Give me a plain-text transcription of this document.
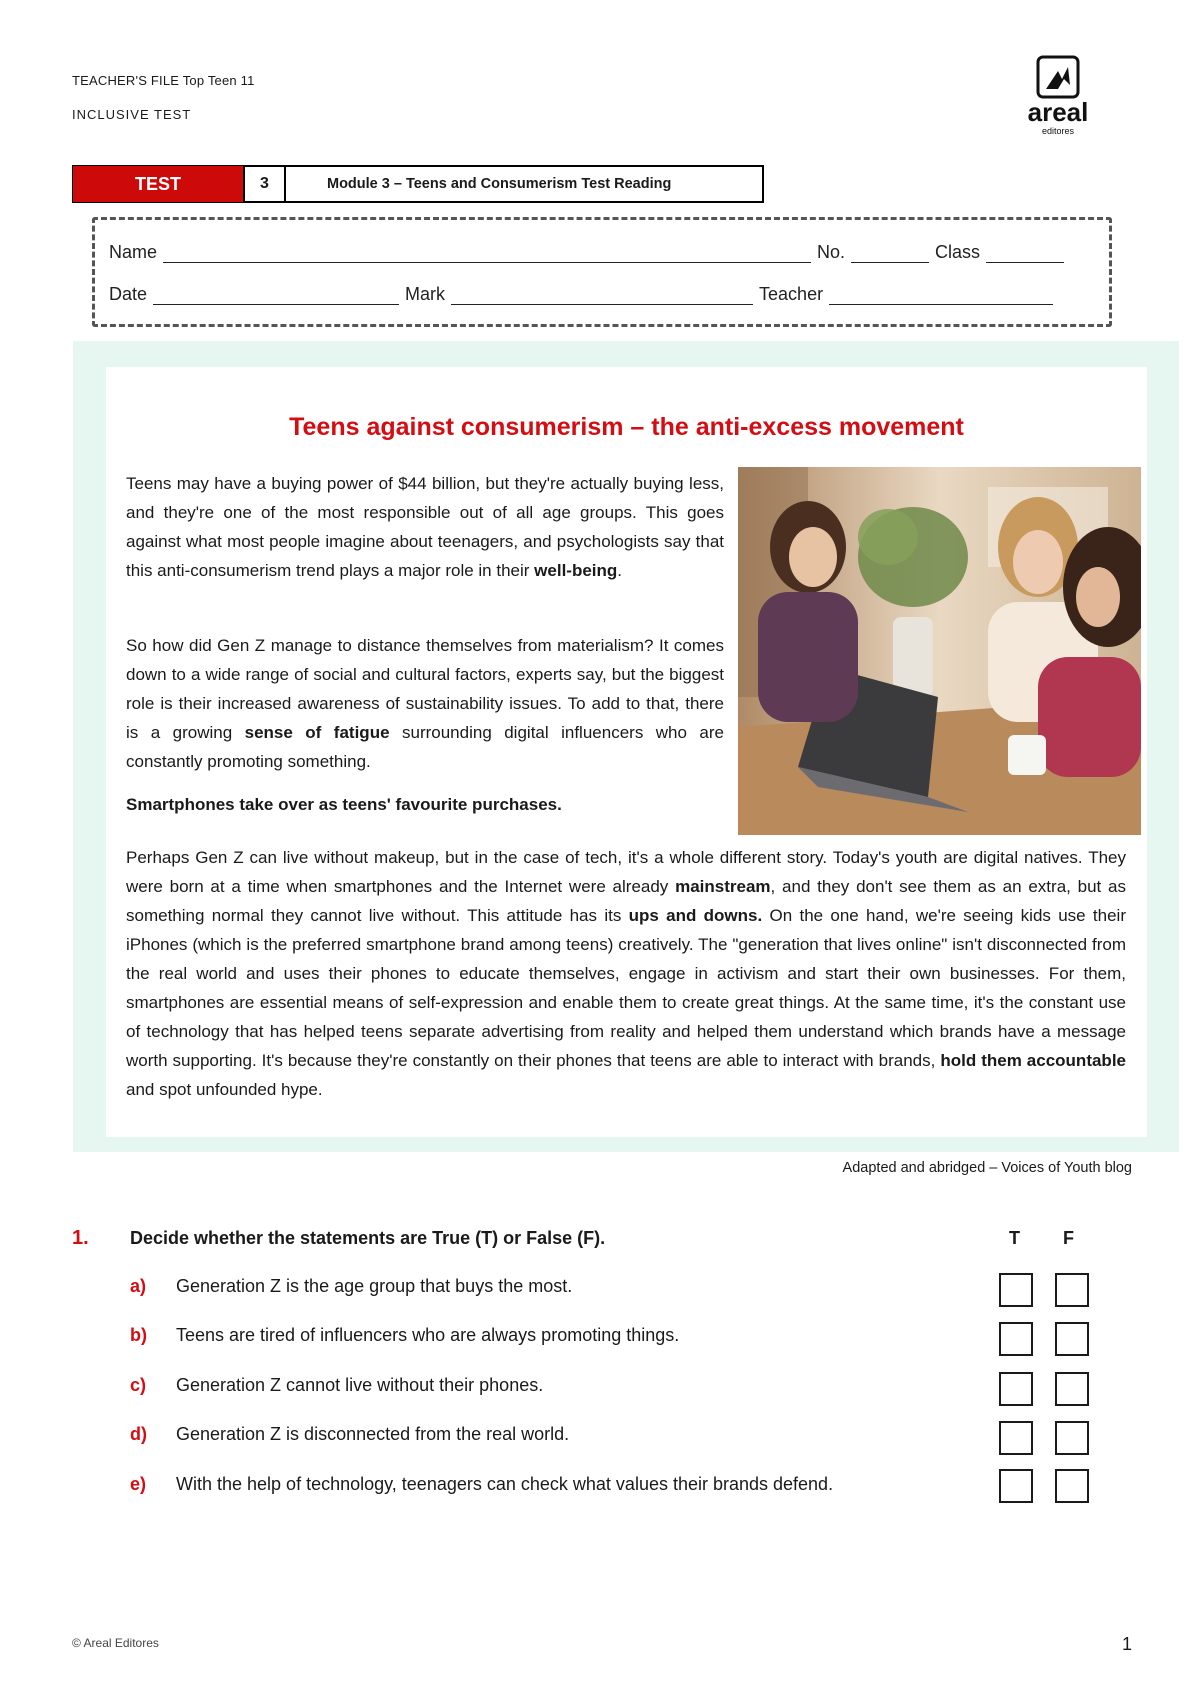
TEACHER'S FILE Top Teen 11
INCLUSIVE TEST	areal
editores
TEST	3	Module 3 – Teens and Consumerism Test Reading
Name	No.	Class
Date	Mark	Teacher
Teens against consumerism – the anti-excess movement
Teens may have a buying power of $44 billion, but they're actually buying less, and they're one of the most responsible out of all age groups. This goes against what most people imagine about teenagers, and psychologists say that this anti-consumerism trend plays a major role in their well-being.
So how did Gen Z manage to distance themselves from materialism? It comes down to a wide range of social and cultural factors, experts say, but the biggest role is their increased awareness of sustainability issues. To add to that, there is a growing sense of fatigue surrounding digital influencers who are constantly promoting something.
Smartphones take over as teens' favourite purchases.
Perhaps Gen Z can live without makeup, but in the case of tech, it's a whole different story. Today's youth are digital natives. They were born at a time when smartphones and the Internet were already mainstream, and they don't see them as an extra, but as something normal they cannot live without. This attitude has its ups and downs. On the one hand, we're seeing kids use their iPhones (which is the preferred smartphone brand among teens) creatively. The "generation that lives online" isn't disconnected from the real world and uses their phones to educate themselves, engage in activism and start their own businesses. For them, smartphones are essential means of self-expression and enable them to create great things. At the same time, it's the constant use of technology that has helped teens separate advertising from reality and helped them understand which brands have a message worth supporting. It's because they're constantly on their phones that teens are able to interact with brands, hold them accountable and spot unfounded hype.
Adapted and abridged – Voices of Youth blog
1. Decide whether the statements are True (T) or False (F).	T F
a)	Generation Z is the age group that buys the most.
b)	Teens are tired of influencers who are always promoting things.
c)	Generation Z cannot live without their phones.
d)	Generation Z is disconnected from the real world.
e)	With the help of technology, teenagers can check what values their brands defend.
© Areal Editores	1
